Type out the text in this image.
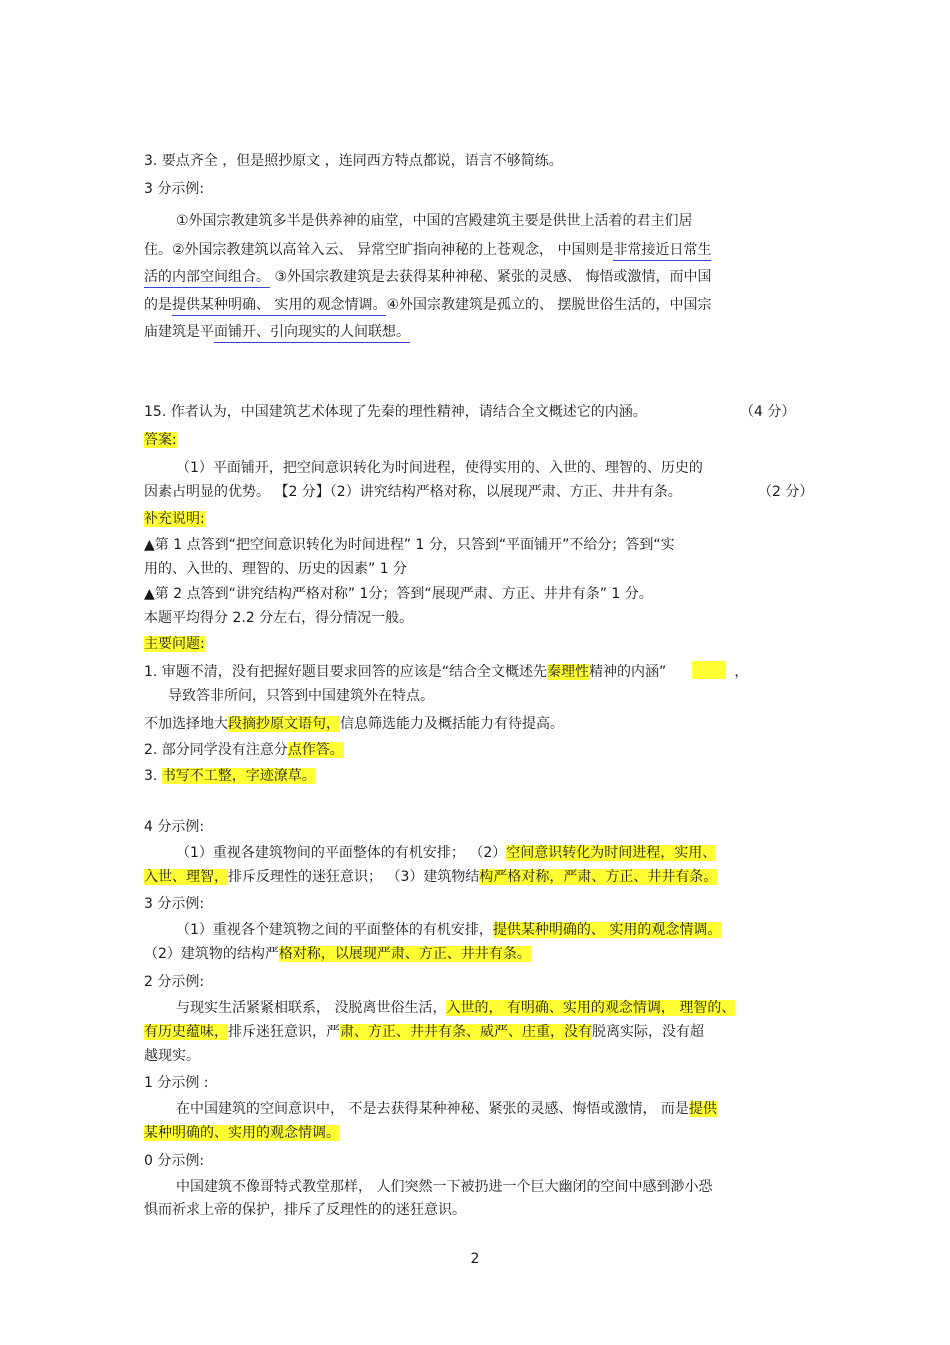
3. 要点齐全 ，但是照抄原文 ，连同西方特点都说，语言不够简练。
3 分示例:
①外国宗教建筑多半是供养神的庙堂，中国的宫殿建筑主要是供世上活着的君主们居
住。②外国宗教建筑以高耸入云、 异常空旷指向神秘的上苍观念， 中国则是非常接近日常生
活的内部空间组合。 ③外国宗教建筑是去获得某种神秘、紧张的灵感、 悔悟或激情，而中国
的是提供某种明确、 实用的观念情调。④外国宗教建筑是孤立的、 摆脱世俗生活的，中国宗
庙建筑是平面铺开、引向现实的人间联想。
15. 作者认为，中国建筑艺术体现了先秦的理性精神，请结合全文概述它的内涵。	（4 分）
答案:
（1）平面铺开，把空间意识转化为时间进程，使得实用的、入世的、理智的、历史的
因素占明显的优势。 【2 分】（2）讲究结构严格对称，以展现严肃、方正、井井有条。	（2 分）
补充说明:
▲第 1 点答到“把空间意识转化为时间进程” 1 分，只答到“平面铺开”不给分；答到“实
用的、入世的、理智的、历史的因素” 1 分
▲第 2 点答到“讲究结构严格对称” 1分；答到“展现严肃、方正、井井有条” 1 分。
本题平均得分 2.2 分左右，得分情况一般。
主要问题:
1. 审题不清，没有把握好题目要求回答的应该是“结合全文概述先秦理性精神的内涵”	，
导致答非所问，只答到中国建筑外在特点。
不加选择地大段摘抄原文语句，信息筛选能力及概括能力有待提高。
2. 部分同学没有注意分点作答。
3. 书写不工整，字迹潦草。
4 分示例:
（1）重视各建筑物间的平面整体的有机安排； （2）空间意识转化为时间进程，实用、
入世、理智，排斥反理性的迷狂意识； （3）建筑物结构严格对称，严肃、方正、井井有条。
3 分示例:
（1）重视各个建筑物之间的平面整体的有机安排，提供某种明确的、 实用的观念情调。
（2）建筑物的结构严格对称，以展现严肃、方正、井井有条。
2 分示例:
与现实生活紧紧相联系， 没脱离世俗生活，入世的， 有明确、实用的观念情调， 理智的、
有历史蕴味，排斥迷狂意识，严肃、方正、井井有条、威严、庄重，没有脱离实际，没有超
越现实。
1 分示例 :
在中国建筑的空间意识中， 不是去获得某种神秘、紧张的灵感、悔悟或激情， 而是提供
某种明确的、实用的观念情调。
0 分示例:
中国建筑不像哥特式教堂那样， 人们突然一下被扔进一个巨大幽闭的空间中感到渺小恐
惧而祈求上帝的保护，排斥了反理性的的迷狂意识。
2
